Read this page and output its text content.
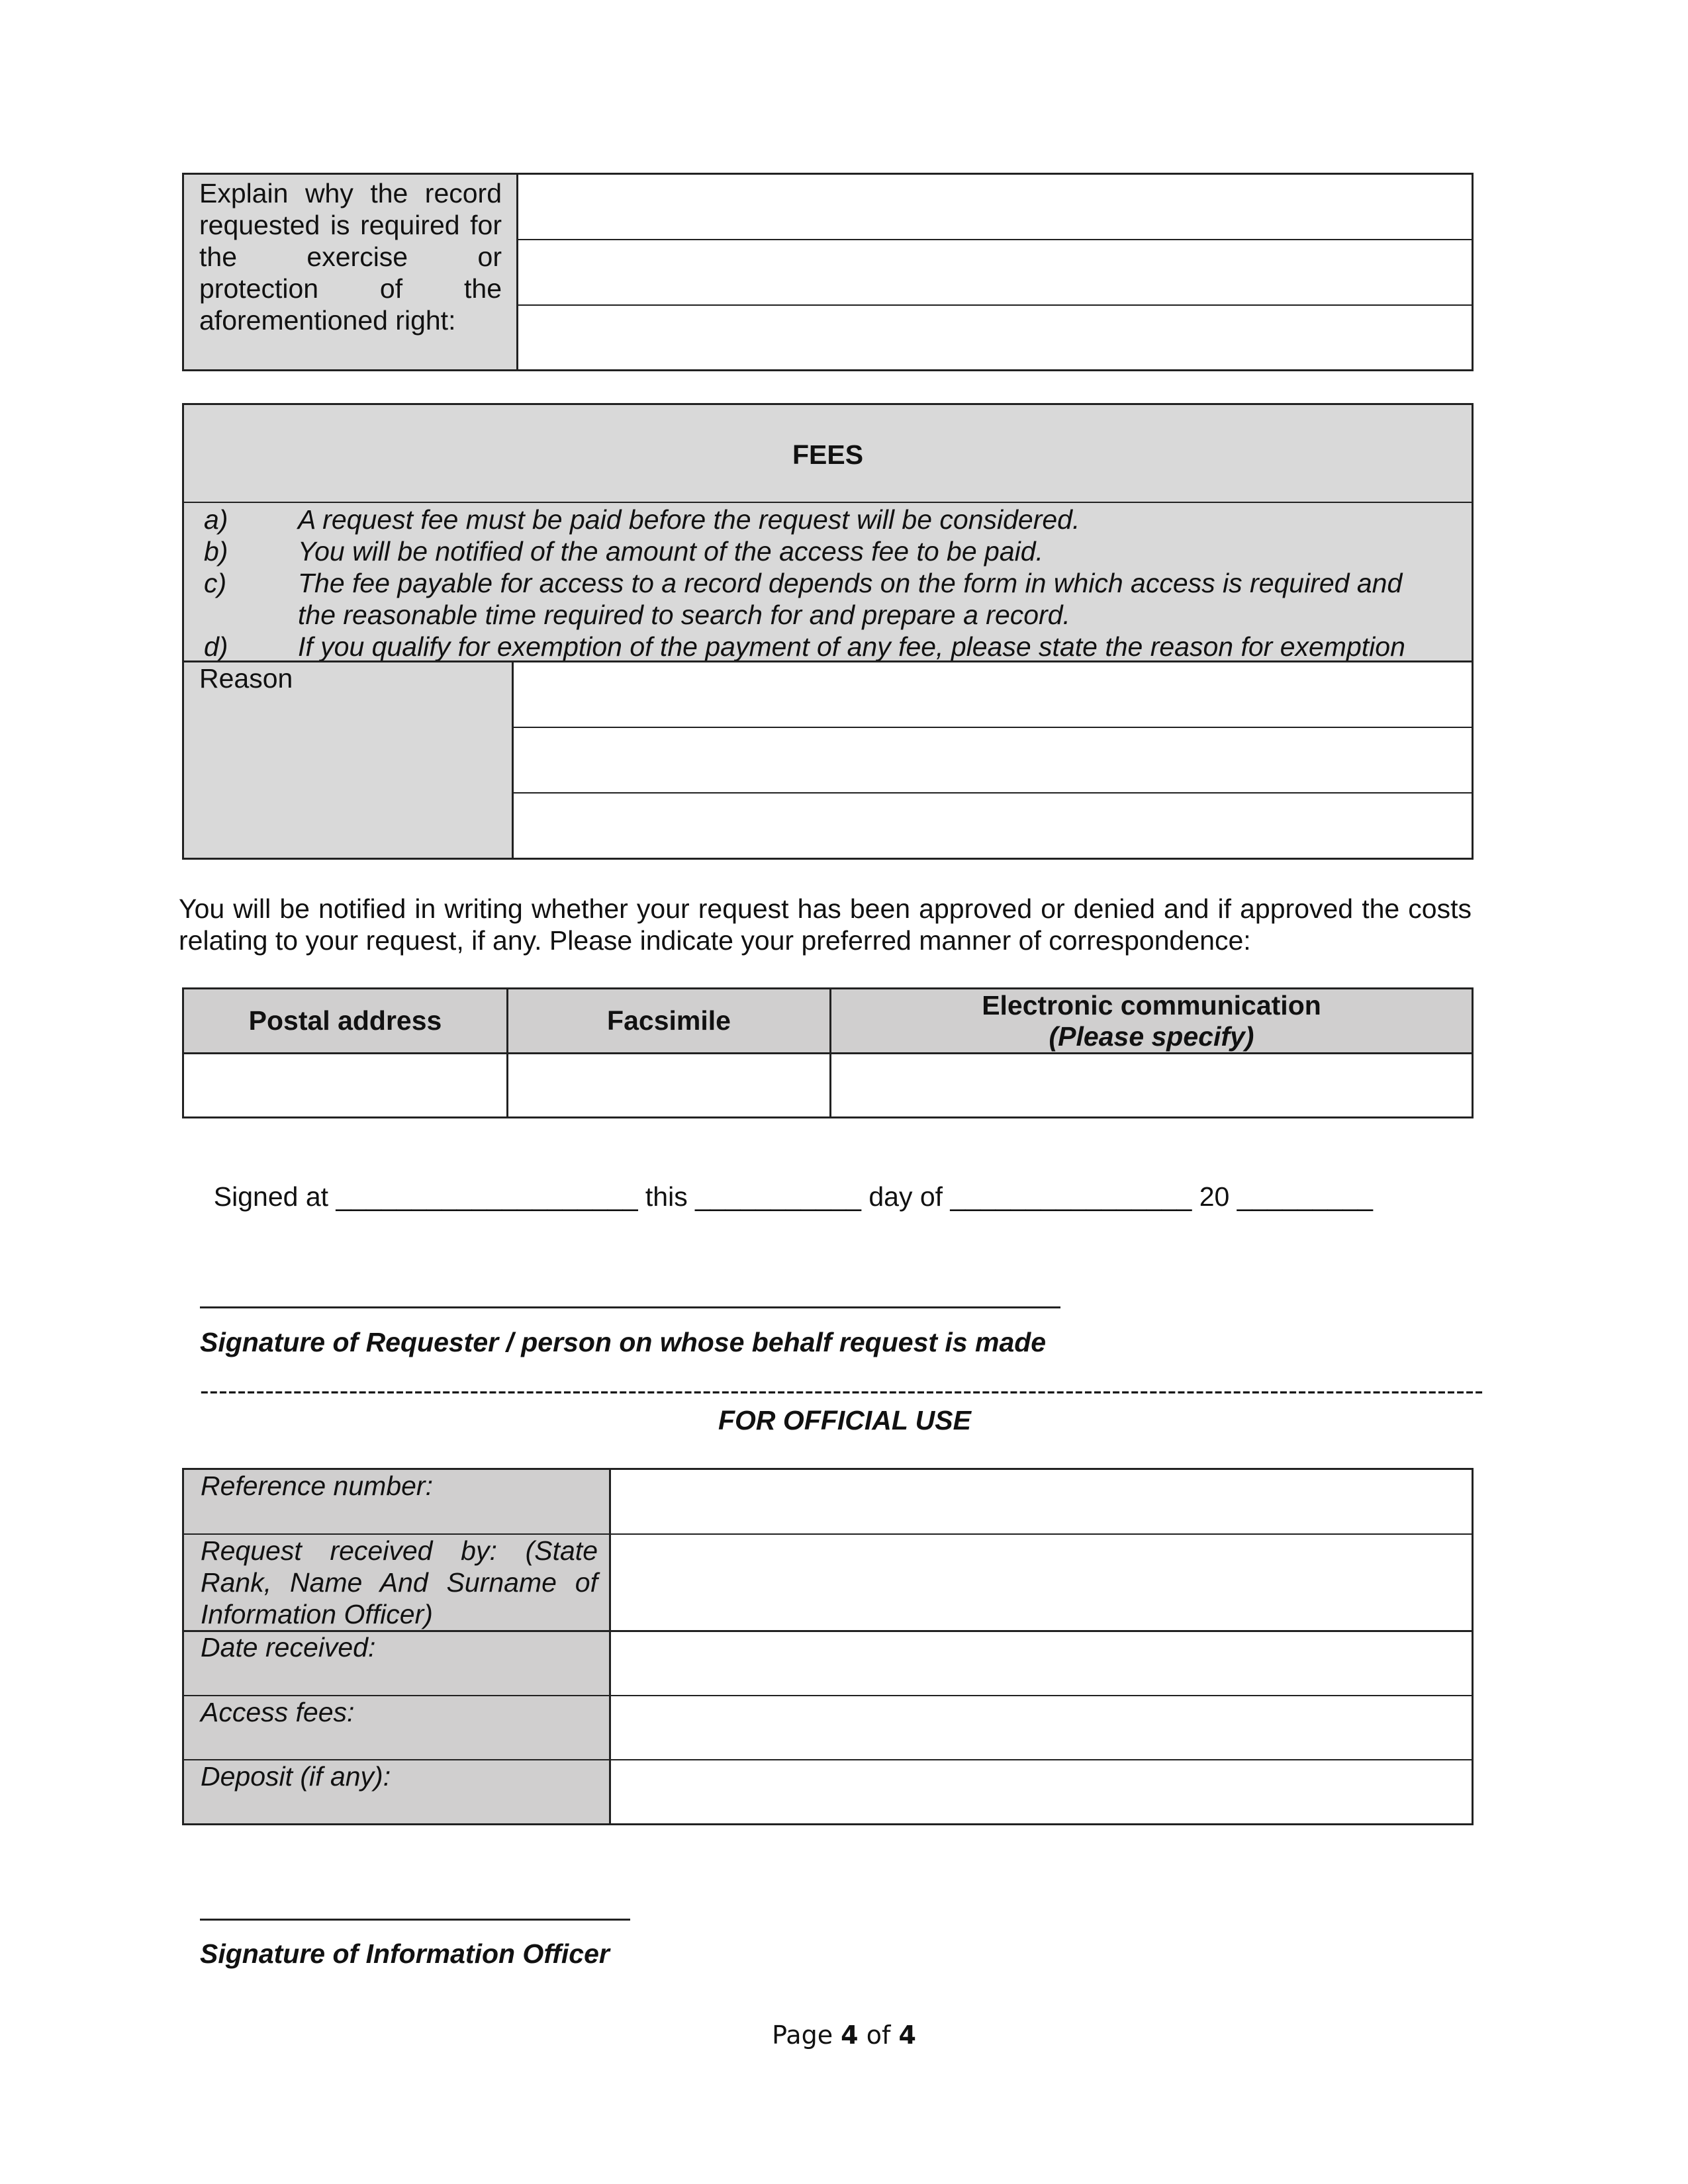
Explain why the record requested is required for the exercise or protection of the aforementioned right:
FEES
a)	A request fee must be paid before the request will be considered.
b)	You will be notified of the amount of the access fee to be paid.
c)	The fee payable for access to a record depends on the form in which access is required and the reasonable time required to search for and prepare a record.
d)	If you qualify for exemption of the payment of any fee, please state the reason for exemption
Reason
You will be notified in writing whether your request has been approved or denied and if approved the costs relating to your request, if any. Please indicate your preferred manner of correspondence:
Postal address	Facsimile	Electronic communication
(Please specify)

Signed at ____________________ this ___________ day of ________________ 20 _________

Signature of Requester / person on whose behalf request is made
------------------------------------------------------------------------------------------------------------------------------------------
FOR OFFICIAL USE
Reference number:
Request received by: (State Rank, Name And Surname of Information Officer)
Date received:
Access fees:
Deposit (if any):
Signature of Information Officer
Page 4 of 4
